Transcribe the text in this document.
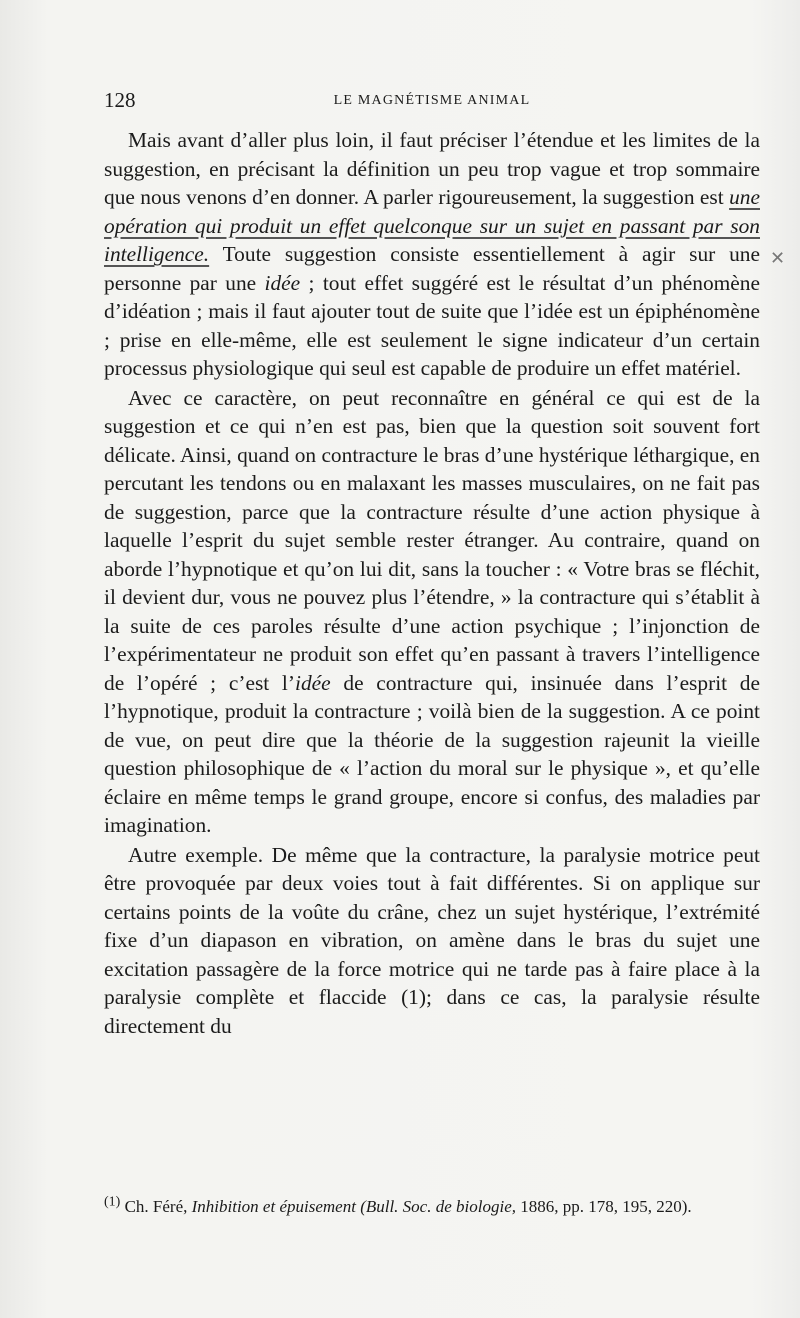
128	LE MAGNÉTISME ANIMAL
✕

Mais avant d’aller plus loin, il faut préciser l’étendue et les limites de la suggestion, en précisant la définition un peu trop vague et trop sommaire que nous venons d’en donner. A parler rigoureusement, la suggestion est une opération qui produit un effet quelconque sur un sujet en passant par son intelligence. Toute suggestion consiste essentiellement à agir sur une personne par une idée ; tout effet suggéré est le résultat d’un phénomène d’idéation ; mais il faut ajouter tout de suite que l’idée est un épiphénomène ; prise en elle-même, elle est seulement le signe indicateur d’un certain processus physiologique qui seul est capable de produire un effet matériel.

Avec ce caractère, on peut reconnaître en général ce qui est de la suggestion et ce qui n’en est pas, bien que la question soit souvent fort délicate. Ainsi, quand on contracture le bras d’une hystérique léthargique, en percutant les tendons ou en malaxant les masses musculaires, on ne fait pas de suggestion, parce que la contracture résulte d’une action physique à laquelle l’esprit du sujet semble rester étranger. Au contraire, quand on aborde l’hypnotique et qu’on lui dit, sans la toucher : « Votre bras se fléchit, il devient dur, vous ne pouvez plus l’étendre, » la contracture qui s’établit à la suite de ces paroles résulte d’une action psychique ; l’injonction de l’expérimentateur ne produit son effet qu’en passant à travers l’intelligence de l’opéré ; c’est l’idée de contracture qui, insinuée dans l’esprit de l’hypnotique, produit la contracture ; voilà bien de la suggestion. A ce point de vue, on peut dire que la théorie de la suggestion rajeunit la vieille question philosophique de « l’action du moral sur le physique », et qu’elle éclaire en même temps le grand groupe, encore si confus, des maladies par imagination.

Autre exemple. De même que la contracture, la paralysie motrice peut être provoquée par deux voies tout à fait différentes. Si on applique sur certains points de la voûte du crâne, chez un sujet hystérique, l’extrémité fixe d’un diapason en vibration, on amène dans le bras du sujet une excitation passagère de la force motrice qui ne tarde pas à faire place à la paralysie complète et flaccide (1); dans ce cas, la paralysie résulte directement du

$^{(1)}$ Ch. Féré, Inhibition et épuisement (Bull. Soc. de biologie, 1886, pp. 178, 195, 220).
